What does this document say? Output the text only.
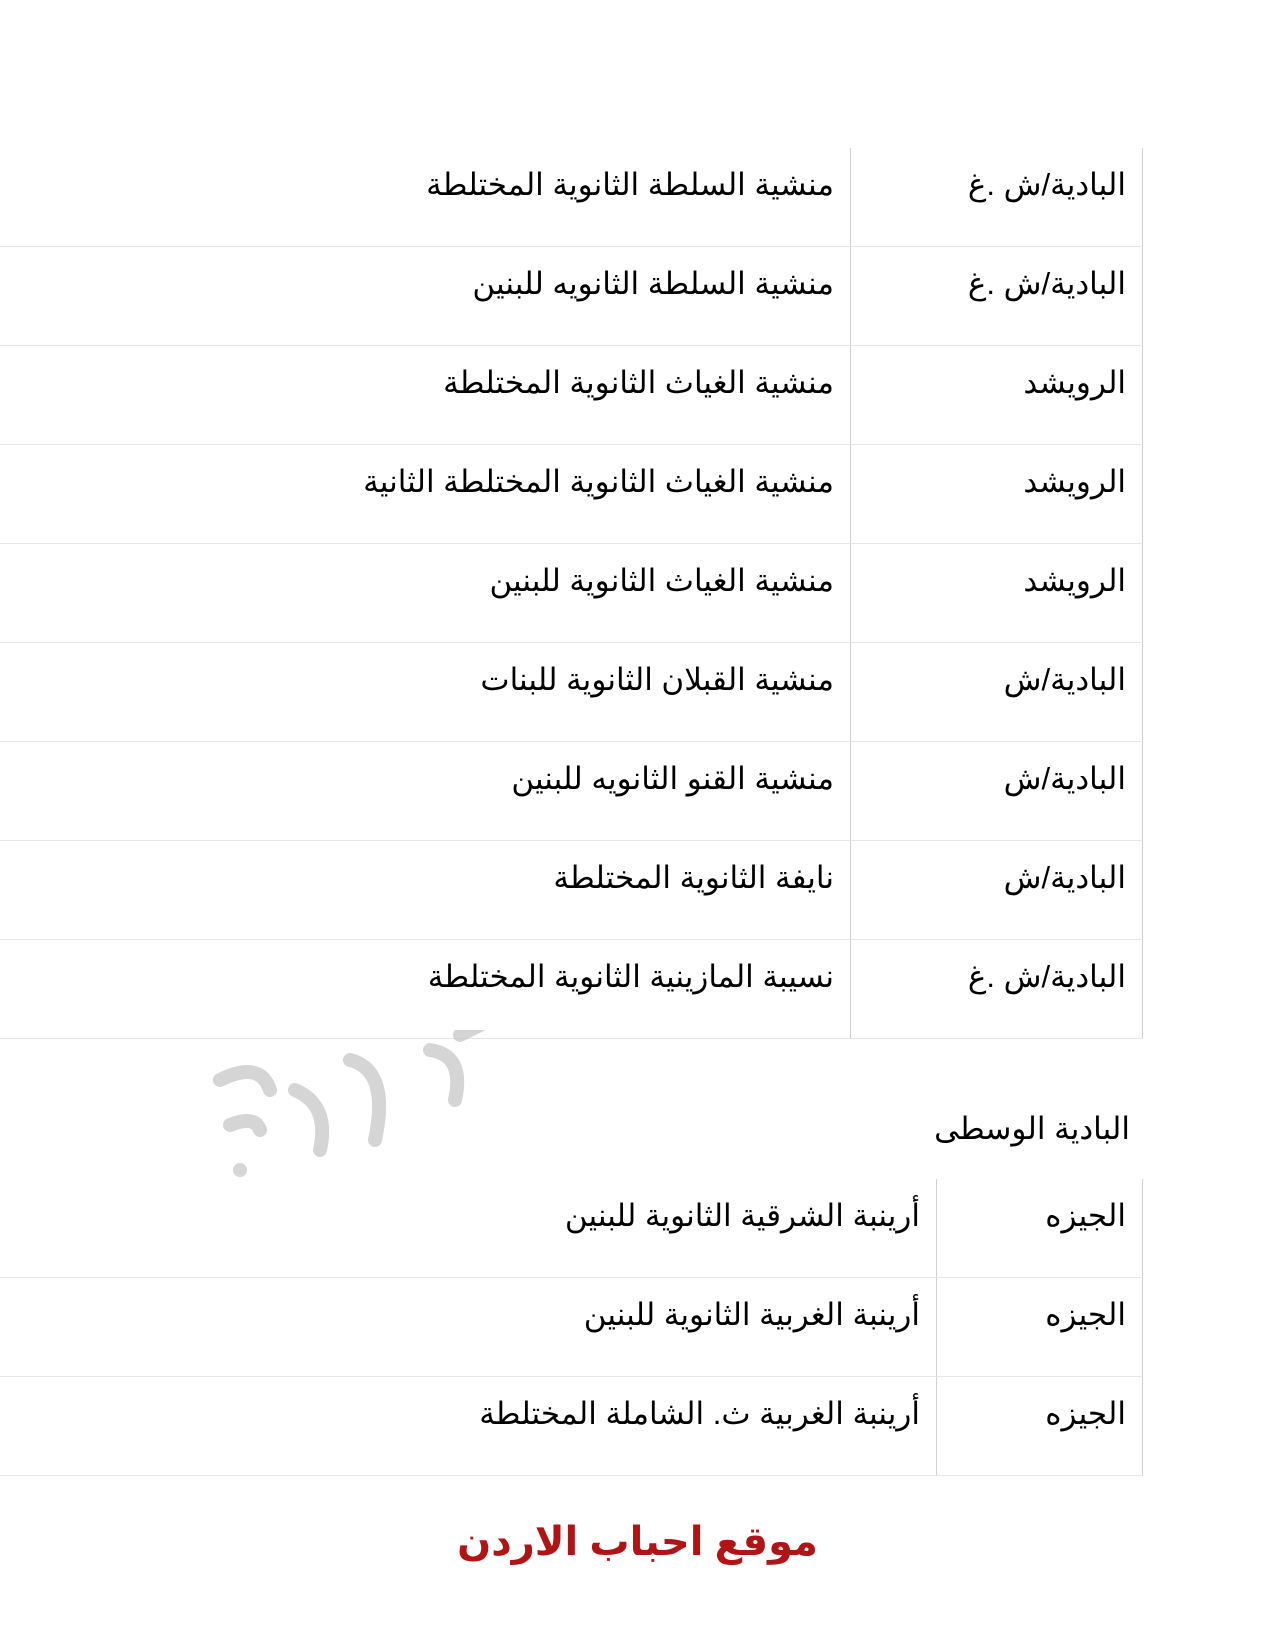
البادية/ش .غ
منشية السلطة الثانوية المختلطة
البادية/ش .غ
منشية السلطة الثانويه للبنين
الرويشد
منشية الغياث الثانوية المختلطة
الرويشد
منشية الغياث الثانوية المختلطة الثانية
الرويشد
منشية الغياث الثانوية للبنين
البادية/ش
منشية القبلان الثانوية للبنات
البادية/ش
منشية القنو الثانويه للبنين
البادية/ش
نايفة الثانوية المختلطة
البادية/ش .غ
نسيبة المازينية الثانوية المختلطة
البادية الوسطى
الجيزه
أرينبة الشرقية الثانوية للبنين
الجيزه
أرينبة الغربية الثانوية للبنين
الجيزه
أرينبة الغربية ث. الشاملة المختلطة

موقع احباب الاردن
